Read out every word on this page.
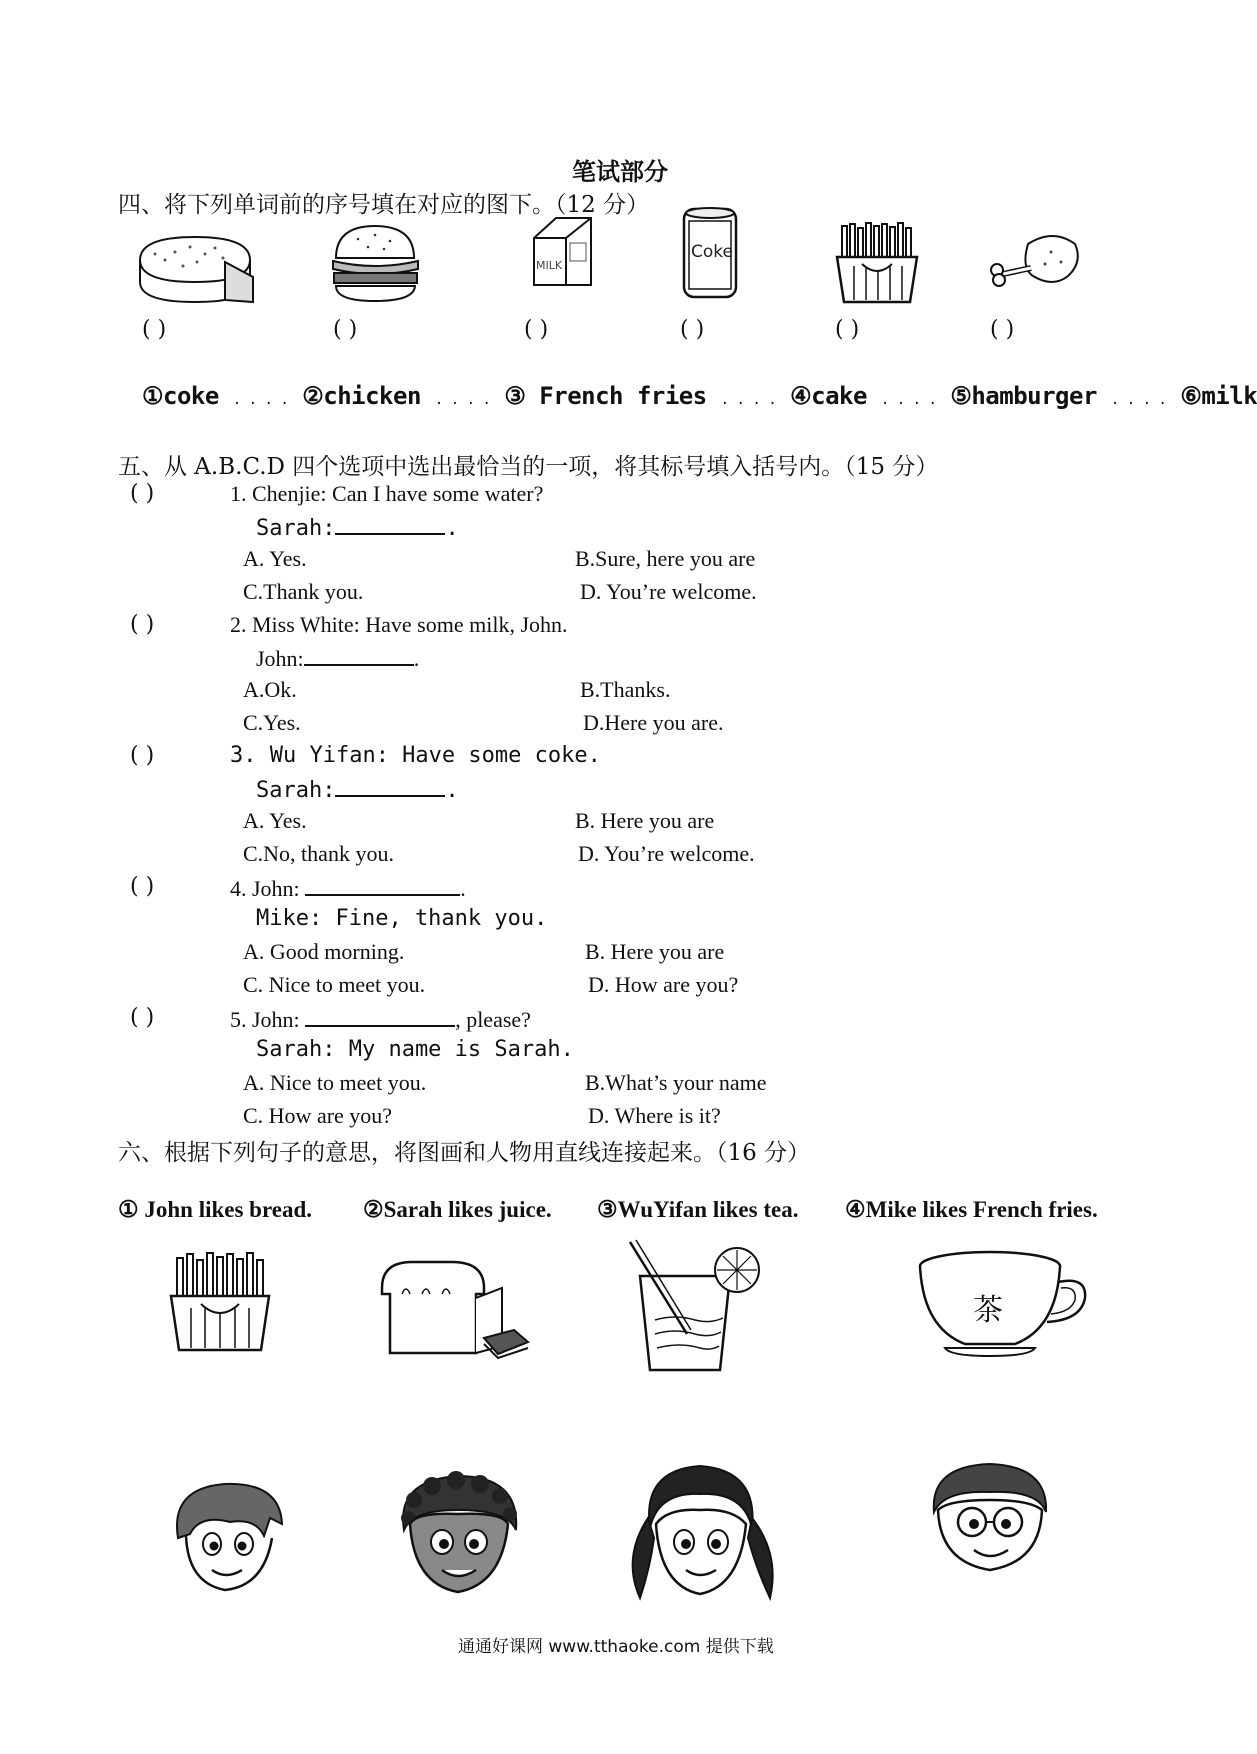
笔试部分
四、将下列单词前的序号填在对应的图下。（12 分）
MILK
Coke
( )	( )	( )	( )	( )	( )
①coke . . . . ②chicken . . . . ③ French fries . . . . ④cake . . . . ⑤hamburger . . . . ⑥milk
五、从 A.B.C.D 四个选项中选出最恰当的一项，将其标号填入括号内。（15 分）
( )	1. Chenjie: Can I have some water?
Sarah:	.
A. Yes.	B.Sure, here you are
C.Thank you.	D. You’re welcome.
( )	2. Miss White: Have some milk, John.
John:	.
A.Ok.	B.Thanks.
C.Yes.	D.Here you are.
( )	3. Wu Yifan: Have some coke.
Sarah:	.
A. Yes.	B. Here you are
C.No, thank you.	D. You’re welcome.
( )	4. John:	.
Mike: Fine, thank you.
A. Good morning.	B. Here you are
C. Nice to meet you.	D. How are you?
( )	5. John:	, please?
Sarah: My name is Sarah.
A. Nice to meet you.	B.What’s your name
C. How are you?	D. Where is it?
六、根据下列句子的意思，将图画和人物用直线连接起来。（16 分）
① John likes bread. ②Sarah likes juice. ③WuYifan likes tea. ④Mike likes French fries.
茶
通通好课网 www.tthaoke.com 提供下载
